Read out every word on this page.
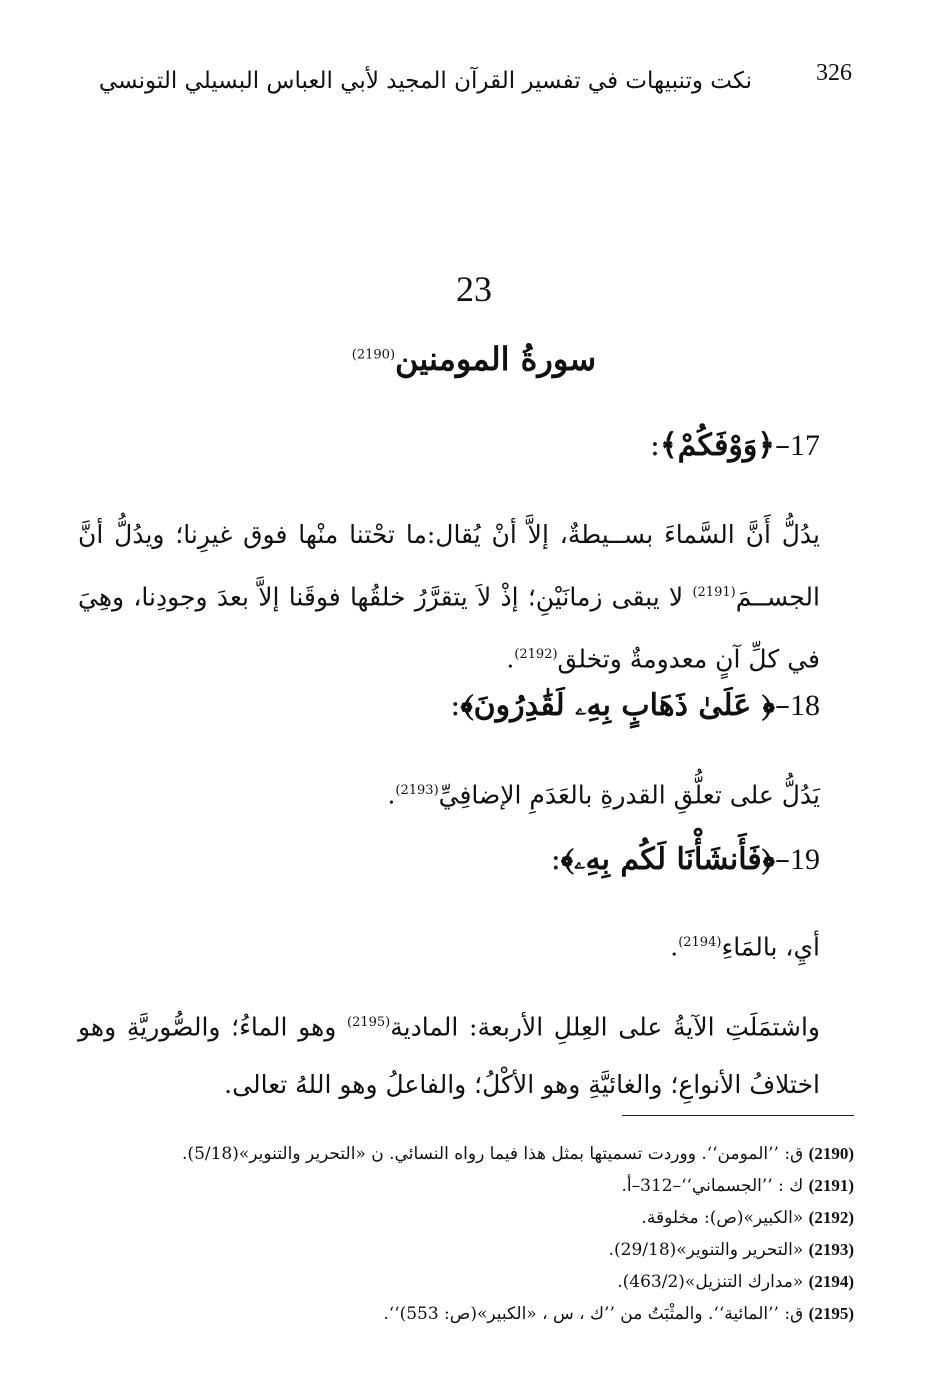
326
نكت وتنبيهات في تفسير القرآن المجيد لأبي العباس البسيلي التونسي
23
سورةُ المومنين$^{(2190)}$
17–﴿وَوْفَكُمْ﴾:
يدُلُّ أَنَّ السَّماءَ بســيطةٌ، إلاَّ أنْ يُقال:ما تحْتنا منْها فوق غيرِنا؛ ويدُلُّ أنَّ الجســمَ$^{(2191)}$ لا يبقى زمانَيْنِ؛ إذْ لاَ يتقرَّرُ خلقُها فوقَنا إلاَّ بعدَ وجودِنا، وهِيَ في كلِّ آنٍ معدومةٌ وتخلق$^{(2192)}$.
18–﴿ عَلَىٰ ذَهَابٍ بِهِۦ لَقَٰدِرُونَ﴾:
يَدُلُّ على تعلُّقِ القدرةِ بالعَدَمِ الإضافِيِّ$^{(2193)}$.
19–﴿فَأَنشَأْنَا لَكُم بِهِۦ﴾:
أيِ، بالمَاءِ$^{(2194)}$.
واشتمَلَتِ الآيةُ على العِللِ الأربعة: المادية$^{(2195)}$ وهو الماءُ؛ والصُّوريَّةِ وهو اختلافُ الأنواعِ؛ والغائيَّةِ وهو الأكْلُ؛ والفاعلُ وهو اللهُ تعالى.
(2190) ق: ’’المومن‘‘. ووردت تسميتها بمثل هذا فيما رواه النسائي. ن «التحرير والتنوير»(5/18).
(2191) ك : ’’الجسماني‘‘–312–أ.
(2192) «الكبير»(ص): مخلوقة.
(2193) «التحرير والتنوير»(29/18).
(2194) «مدارك التنزيل»(463/2).
(2195) ق: ’’المائية‘‘. والمثْبَتُ من ’’ك ، س ، «الكبير»(ص: 553)‘‘.
